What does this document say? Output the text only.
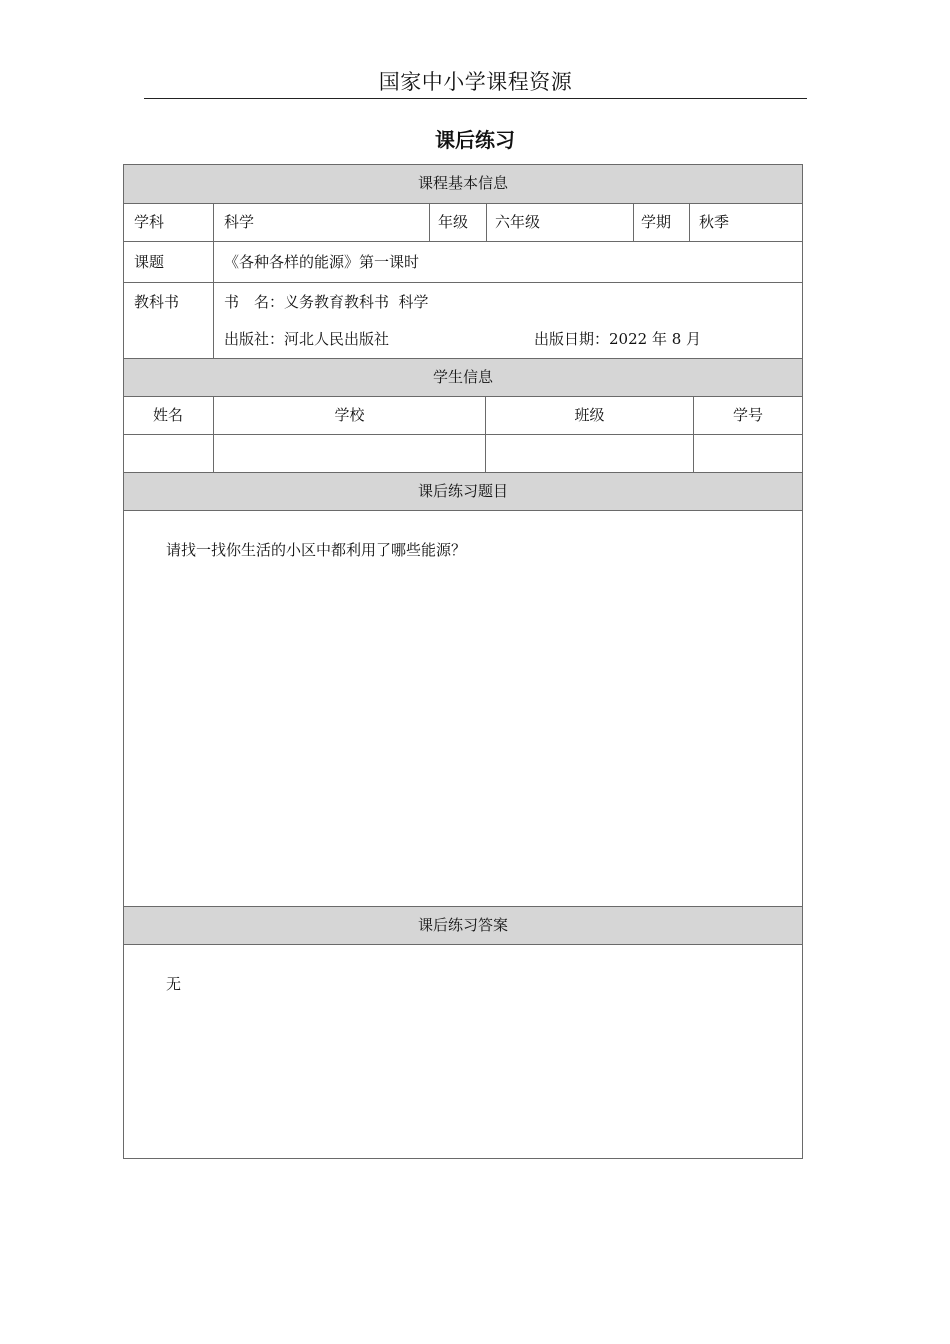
国家中小学课程资源
课后练习
课程基本信息
学科	科学	年级 六年级	学期 秋季
课题	《各种各样的能源》第一课时
教科书	书　名：义务教育教科书  科学
出版社：河北人民出版社	出版日期：2022 年 8 月
学生信息
姓名	学校	班级	学号
课后练习题目
请找一找你生活的小区中都利用了哪些能源？
课后练习答案
无
